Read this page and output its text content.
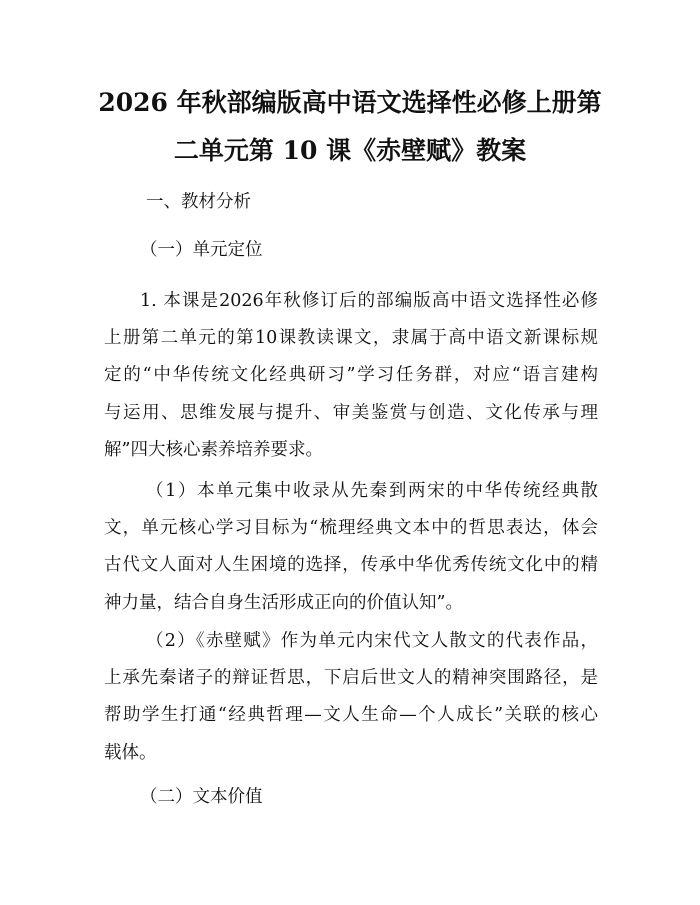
2026 年秋部编版高中语文选择性必修上册第
二单元第 10 课《赤壁赋》教案
一、教材分析
（一）单元定位
1. 本课是2026年秋修订后的部编版高中语文选择性必修
上册第二单元的第10课教读课文，隶属于高中语文新课标规
定的“中华传统文化经典研习”学习任务群，对应“语言建构
与运用、思维发展与提升、审美鉴赏与创造、文化传承与理
解”四大核心素养培养要求。
（1）本单元集中收录从先秦到两宋的中华传统经典散
文，单元核心学习目标为“梳理经典文本中的哲思表达，体会
古代文人面对人生困境的选择，传承中华优秀传统文化中的精
神力量，结合自身生活形成正向的价值认知”。
（2）《赤壁赋》作为单元内宋代文人散文的代表作品，
上承先秦诸子的辩证哲思，下启后世文人的精神突围路径，是
帮助学生打通“经典哲理—文人生命—个人成长”关联的核心
载体。
（二）文本价值
